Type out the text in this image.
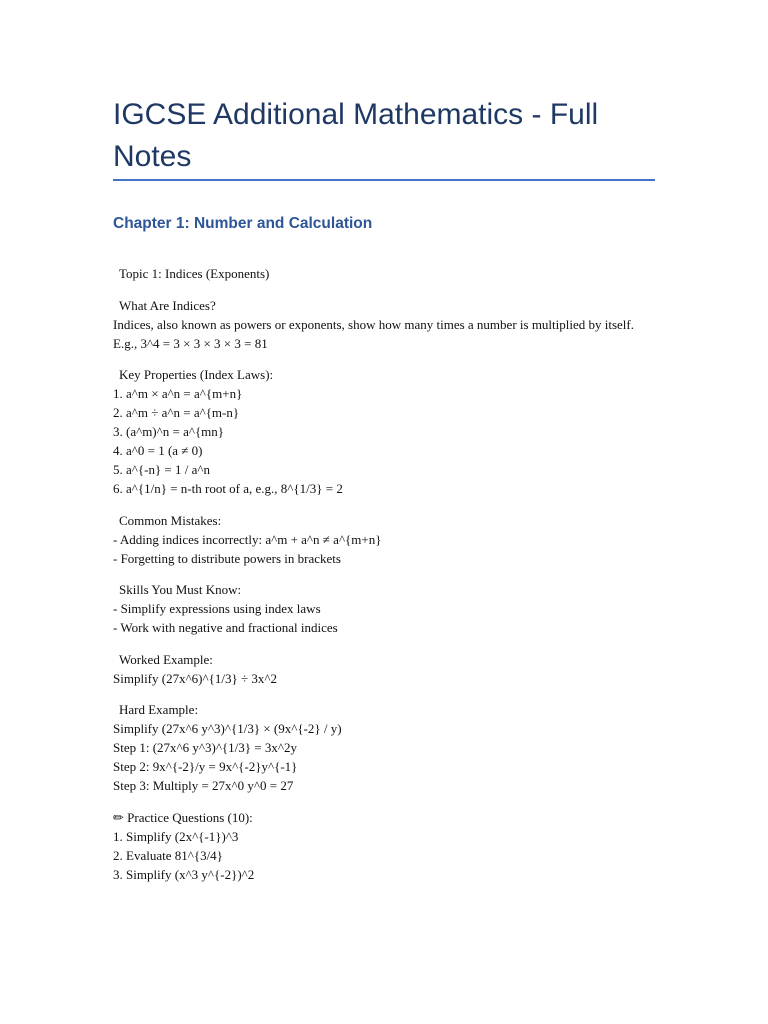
IGCSE Additional Mathematics - Full Notes
Chapter 1: Number and Calculation

Topic 1: Indices (Exponents)

What Are Indices?
Indices, also known as powers or exponents, show how many times a number is multiplied by itself.
E.g., 3^4 = 3 × 3 × 3 × 3 = 81

Key Properties (Index Laws):
1. a^m × a^n = a^{m+n}
2. a^m ÷ a^n = a^{m-n}
3. (a^m)^n = a^{mn}
4. a^0 = 1 (a ≠ 0)
5. a^{-n} = 1 / a^n
6. a^{1/n} = n-th root of a, e.g., 8^{1/3} = 2

Common Mistakes:
- Adding indices incorrectly: a^m + a^n ≠ a^{m+n}
- Forgetting to distribute powers in brackets

Skills You Must Know:
- Simplify expressions using index laws
- Work with negative and fractional indices

Worked Example:
Simplify (27x^6)^{1/3} ÷ 3x^2

Hard Example:
Simplify (27x^6 y^3)^{1/3} × (9x^{-2} / y)
Step 1: (27x^6 y^3)^{1/3} = 3x^2y
Step 2: 9x^{-2}/y = 9x^{-2}y^{-1}
Step 3: Multiply = 27x^0 y^0 = 27

✏ Practice Questions (10):
1. Simplify (2x^{-1})^3
2. Evaluate 81^{3/4}
3. Simplify (x^3 y^{-2})^2
